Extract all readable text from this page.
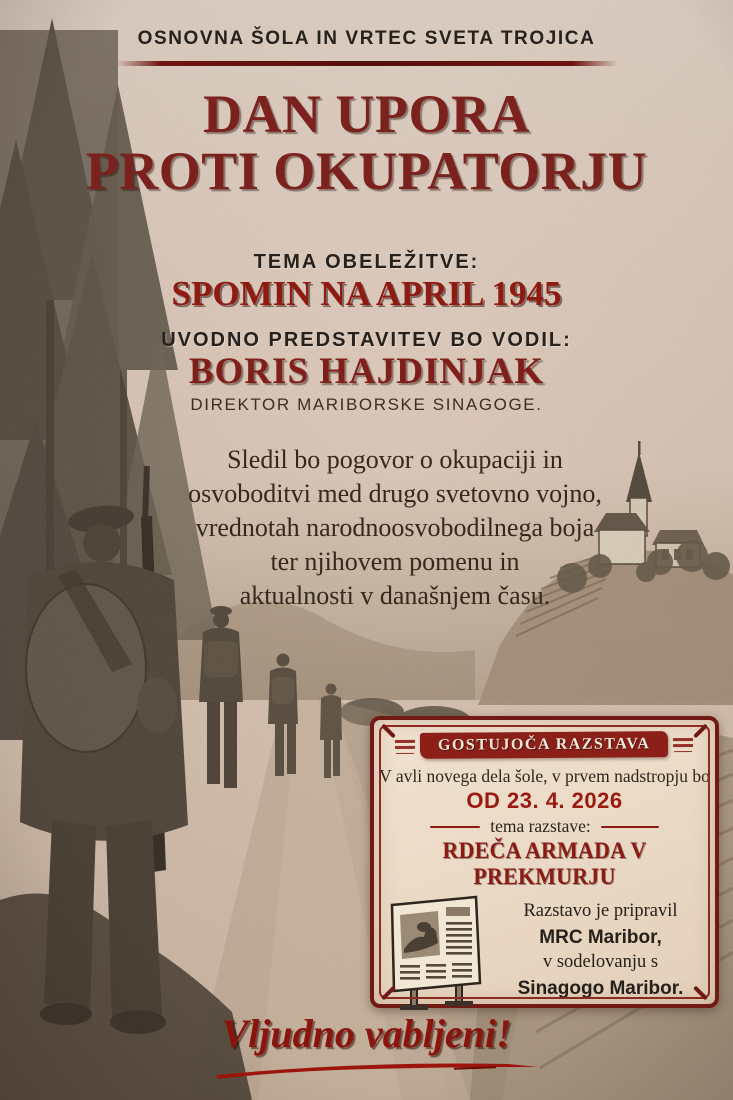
OSNOVNA ŠOLA IN VRTEC SVETA TROJICA
DAN UPORA
PROTI OKUPATORJU
TEMA OBELEŽITVE:
SPOMIN NA APRIL 1945
UVODNO PREDSTAVITEV BO VODIL:
BORIS HAJDINJAK
DIREKTOR MARIBORSKE SINAGOGE.
Sledil bo pogovor o okupaciji in
osvoboditvi med drugo svetovno vojno,
vrednotah narodnoosvobodilnega boja
ter njihovem pomenu in
aktualnosti v današnjem času.
GOSTUJOČA RAZSTAVA
V avli novega dela šole, v prvem nadstropju bo
OD 23. 4. 2026
tema razstave:
RDEČA ARMADA V PREKMURJU
Razstavo je pripravil
MRC Maribor,
v sodelovanju s
Sinagogo Maribor.
Vljudno vabljeni!
